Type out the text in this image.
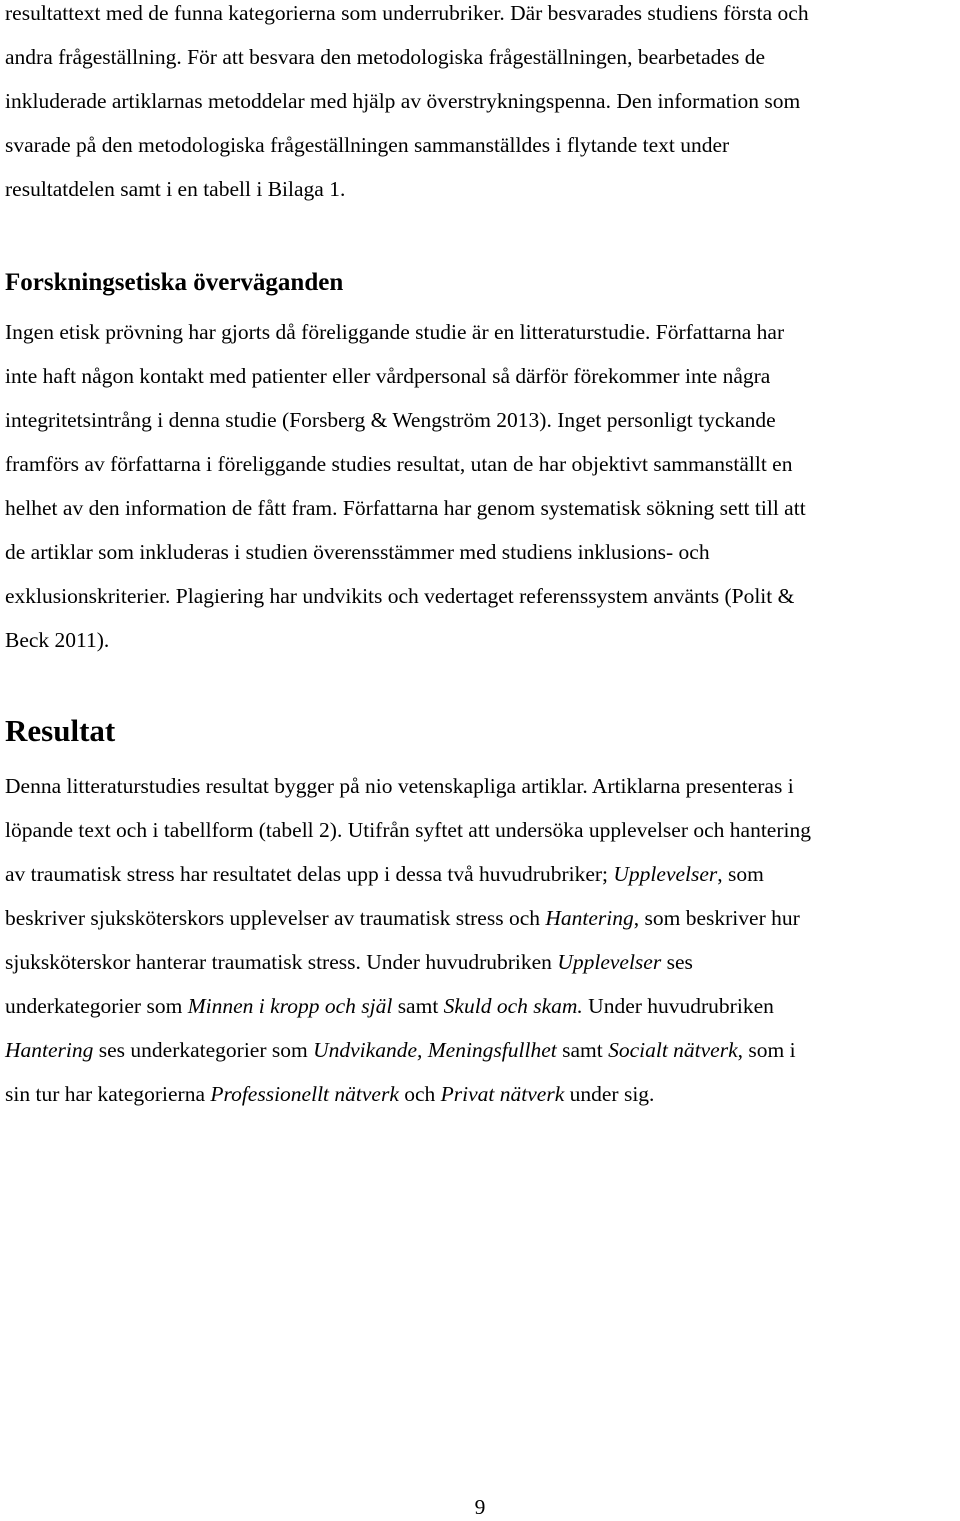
resultattext med de funna kategorierna som underrubriker. Där besvarades studiens första och
andra frågeställning. För att besvara den metodologiska frågeställningen, bearbetades de
inkluderade artiklarnas metoddelar med hjälp av överstrykningspenna. Den information som
svarade på den metodologiska frågeställningen sammanställdes i flytande text under
resultatdelen samt i en tabell i Bilaga 1.
Forskningsetiska överväganden
Ingen etisk prövning har gjorts då föreliggande studie är en litteraturstudie. Författarna har
inte haft någon kontakt med patienter eller vårdpersonal så därför förekommer inte några
integritetsintrång i denna studie (Forsberg & Wengström 2013). Inget personligt tyckande
framförs av författarna i föreliggande studies resultat, utan de har objektivt sammanställt en
helhet av den information de fått fram. Författarna har genom systematisk sökning sett till att
de artiklar som inkluderas i studien överensstämmer med studiens inklusions- och
exklusionskriterier. Plagiering har undvikits och vedertaget referenssystem använts (Polit &
Beck 2011).
Resultat
Denna litteraturstudies resultat bygger på nio vetenskapliga artiklar. Artiklarna presenteras i
löpande text och i tabellform (tabell 2). Utifrån syftet att undersöka upplevelser och hantering
av traumatisk stress har resultatet delas upp i dessa två huvudrubriker; Upplevelser, som
beskriver sjuksköterskors upplevelser av traumatisk stress och Hantering, som beskriver hur
sjuksköterskor hanterar traumatisk stress. Under huvudrubriken Upplevelser ses
underkategorier som Minnen i kropp och själ samt Skuld och skam. Under huvudrubriken
Hantering ses underkategorier som Undvikande, Meningsfullhet samt Socialt nätverk, som i
sin tur har kategorierna Professionellt nätverk och Privat nätverk under sig.
9
